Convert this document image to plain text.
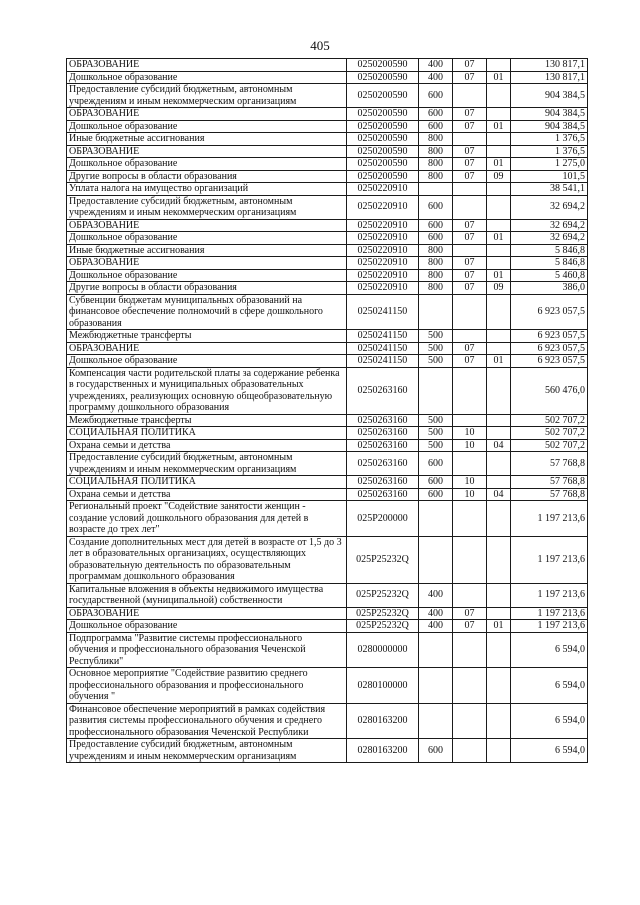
405
ОБРАЗОВАНИЕ	0250200590	400	07		130 817,1
Дошкольное образование	0250200590	400	07	01	130 817,1
Предоставление субсидий бюджетным, автономным учреждениям и иным некоммерческим организациям	0250200590	600			904 384,5
ОБРАЗОВАНИЕ	0250200590	600	07		904 384,5
Дошкольное образование	0250200590	600	07	01	904 384,5
Иные бюджетные ассигнования	0250200590	800			1 376,5
ОБРАЗОВАНИЕ	0250200590	800	07		1 376,5
Дошкольное образование	0250200590	800	07	01	1 275,0
Другие вопросы в области образования	0250200590	800	07	09	101,5
Уплата налога на имущество организаций	0250220910				38 541,1
Предоставление субсидий бюджетным, автономным учреждениям и иным некоммерческим организациям	0250220910	600			32 694,2
ОБРАЗОВАНИЕ	0250220910	600	07		32 694,2
Дошкольное образование	0250220910	600	07	01	32 694,2
Иные бюджетные ассигнования	0250220910	800			5 846,8
ОБРАЗОВАНИЕ	0250220910	800	07		5 846,8
Дошкольное образование	0250220910	800	07	01	5 460,8
Другие вопросы в области образования	0250220910	800	07	09	386,0
Субвенции бюджетам муниципальных образований на финансовое обеспечение полномочий в сфере дошкольного образования	0250241150				6 923 057,5
Межбюджетные трансферты	0250241150	500			6 923 057,5
ОБРАЗОВАНИЕ	0250241150	500	07		6 923 057,5
Дошкольное образование	0250241150	500	07	01	6 923 057,5
Компенсация части родительской платы за содержание ребенка в государственных и муниципальных образовательных учреждениях, реализующих основную общеобразовательную программу дошкольного образования	0250263160				560 476,0
Межбюджетные трансферты	0250263160	500			502 707,2
СОЦИАЛЬНАЯ ПОЛИТИКА	0250263160	500	10		502 707,2
Охрана семьи и детства	0250263160	500	10	04	502 707,2
Предоставление субсидий бюджетным, автономным учреждениям и иным некоммерческим организациям	0250263160	600			57 768,8
СОЦИАЛЬНАЯ ПОЛИТИКА	0250263160	600	10		57 768,8
Охрана семьи и детства	0250263160	600	10	04	57 768,8
Региональный проект "Содействие занятости женщин - создание условий дошкольного образования для детей в возрасте до трех лет"	025P200000				1 197 213,6
Создание дополнительных мест для детей в возрасте от 1,5 до 3 лет в образовательных организациях, осуществляющих образовательную деятельность по образовательным программам дошкольного образования	025P25232Q				1 197 213,6
Капитальные вложения в объекты недвижимого имущества государственной (муниципальной) собственности	025P25232Q	400			1 197 213,6
ОБРАЗОВАНИЕ	025P25232Q	400	07		1 197 213,6
Дошкольное образование	025P25232Q	400	07	01	1 197 213,6
Подпрограмма "Развитие системы профессионального обучения и профессионального образования Чеченской Республики"	0280000000				6 594,0
Основное мероприятие "Содействие развитию среднего профессионального образования и профессионального обучения "	0280100000				6 594,0
Финансовое обеспечение мероприятий в рамках содействия развития системы профессионального обучения и среднего профессионального образования Чеченской Республики	0280163200				6 594,0
Предоставление субсидий бюджетным, автономным учреждениям и иным некоммерческим организациям	0280163200	600			6 594,0
